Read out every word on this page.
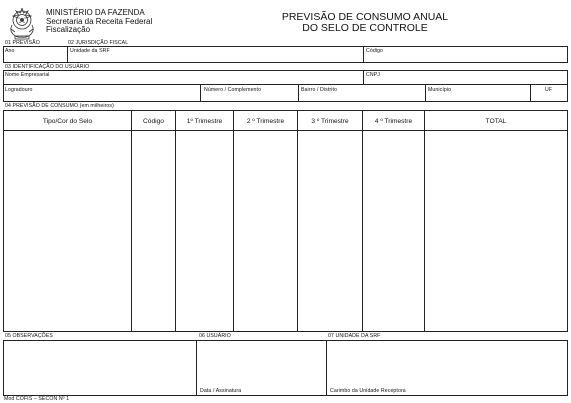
MINISTÉRIO DA FAZENDA
Secretaria da Receita Federal
Fiscalização
PREVISÃO DE CONSUMO ANUAL
DO SELO DE CONTROLE
01 PREVISÃO	02 JURISDIÇÃO FISCAL
Ano	Unidade da SRF	Código
03 IDENTIFICAÇÃO DO USUÁRIO
Nome Empresarial	CNPJ
Logradouro	Número / Complemento	Bairro / Distrito	Município	UF
04 PREVISÃO DE CONSUMO (em milheiros)
Tipo/Cor do Selo	Código	1º Trimestre	2 º Trimestre	3 º Trimestre	4 º Trimestre	TOTAL
05 OBSERVAÇÕES	06 USUÁRIO	07 UNIDADE DA SRF
Data / Assinatura	Carimbo da Unidade Receptora
Mod COFIS – SECON Nº 1
